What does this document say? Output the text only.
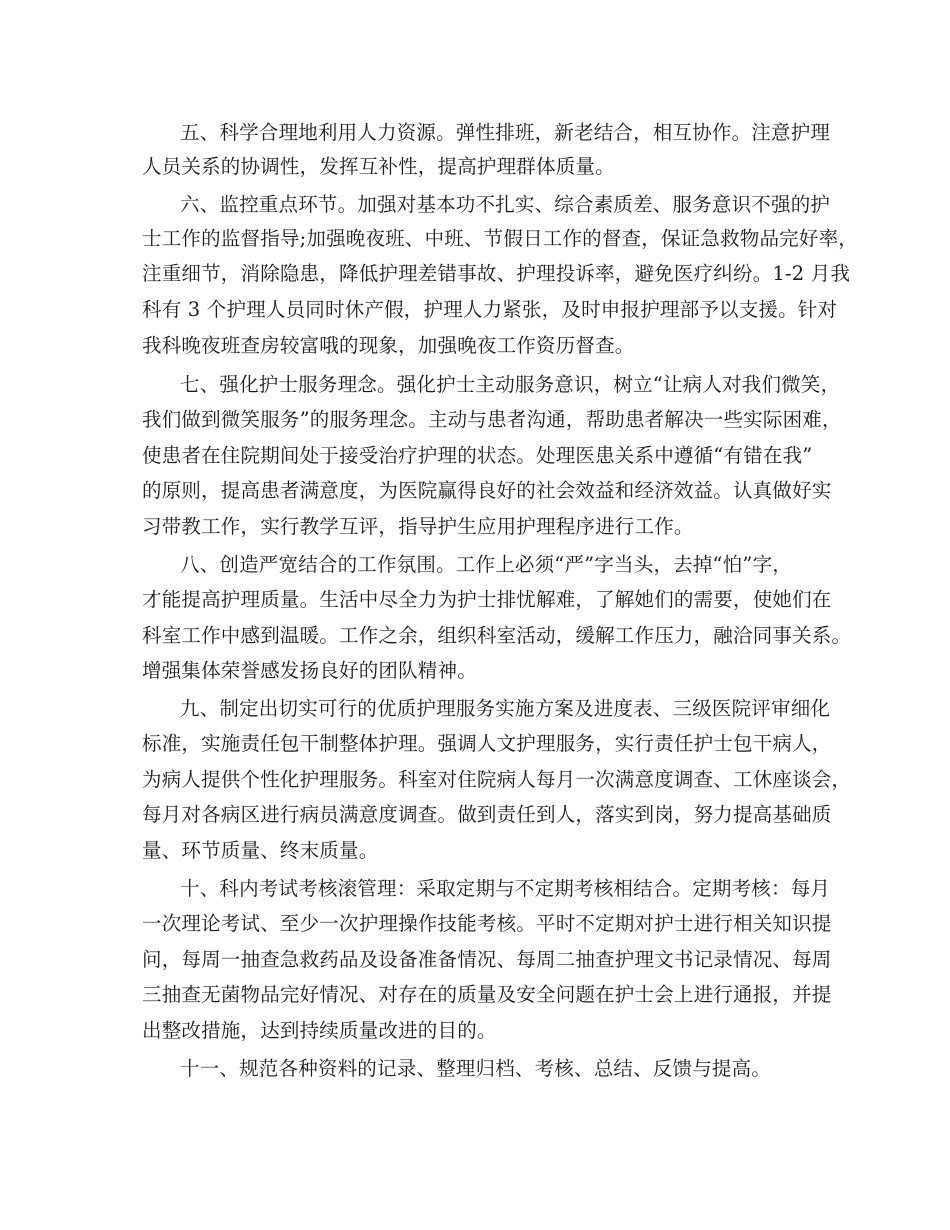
五、科学合理地利用人力资源。弹性排班，新老结合，相互协作。注意护理
人员关系的协调性，发挥互补性，提高护理群体质量。
六、监控重点环节。加强对基本功不扎实、综合素质差、服务意识不强的护
士工作的监督指导;加强晚夜班、中班、节假日工作的督查，保证急救物品完好率，
注重细节，消除隐患，降低护理差错事故、护理投诉率，避免医疗纠纷。1-2 月我
科有 3 个护理人员同时休产假，护理人力紧张，及时申报护理部予以支援。针对
我科晚夜班查房较富哦的现象，加强晚夜工作资历督查。
七、强化护士服务理念。强化护士主动服务意识，树立“让病人对我们微笑，
我们做到微笑服务”的服务理念。主动与患者沟通，帮助患者解决一些实际困难，
使患者在住院期间处于接受治疗护理的状态。处理医患关系中遵循“有错在我”
的原则，提高患者满意度，为医院赢得良好的社会效益和经济效益。认真做好实
习带教工作，实行教学互评，指导护生应用护理程序进行工作。
八、创造严宽结合的工作氛围。工作上必须“严”字当头，去掉“怕”字，
才能提高护理质量。生活中尽全力为护士排忧解难，了解她们的需要，使她们在
科室工作中感到温暖。工作之余，组织科室活动，缓解工作压力，融洽同事关系。
增强集体荣誉感发扬良好的团队精神。
九、制定出切实可行的优质护理服务实施方案及进度表、三级医院评审细化
标准，实施责任包干制整体护理。强调人文护理服务，实行责任护士包干病人，
为病人提供个性化护理服务。科室对住院病人每月一次满意度调查、工休座谈会，
每月对各病区进行病员满意度调查。做到责任到人，落实到岗，努力提高基础质
量、环节质量、终末质量。
十、科内考试考核滚管理：采取定期与不定期考核相结合。定期考核：每月
一次理论考试、至少一次护理操作技能考核。平时不定期对护士进行相关知识提
问，每周一抽查急救药品及设备准备情况、每周二抽查护理文书记录情况、每周
三抽查无菌物品完好情况、对存在的质量及安全问题在护士会上进行通报，并提
出整改措施，达到持续质量改进的目的。
十一、规范各种资料的记录、整理归档、考核、总结、反馈与提高。
